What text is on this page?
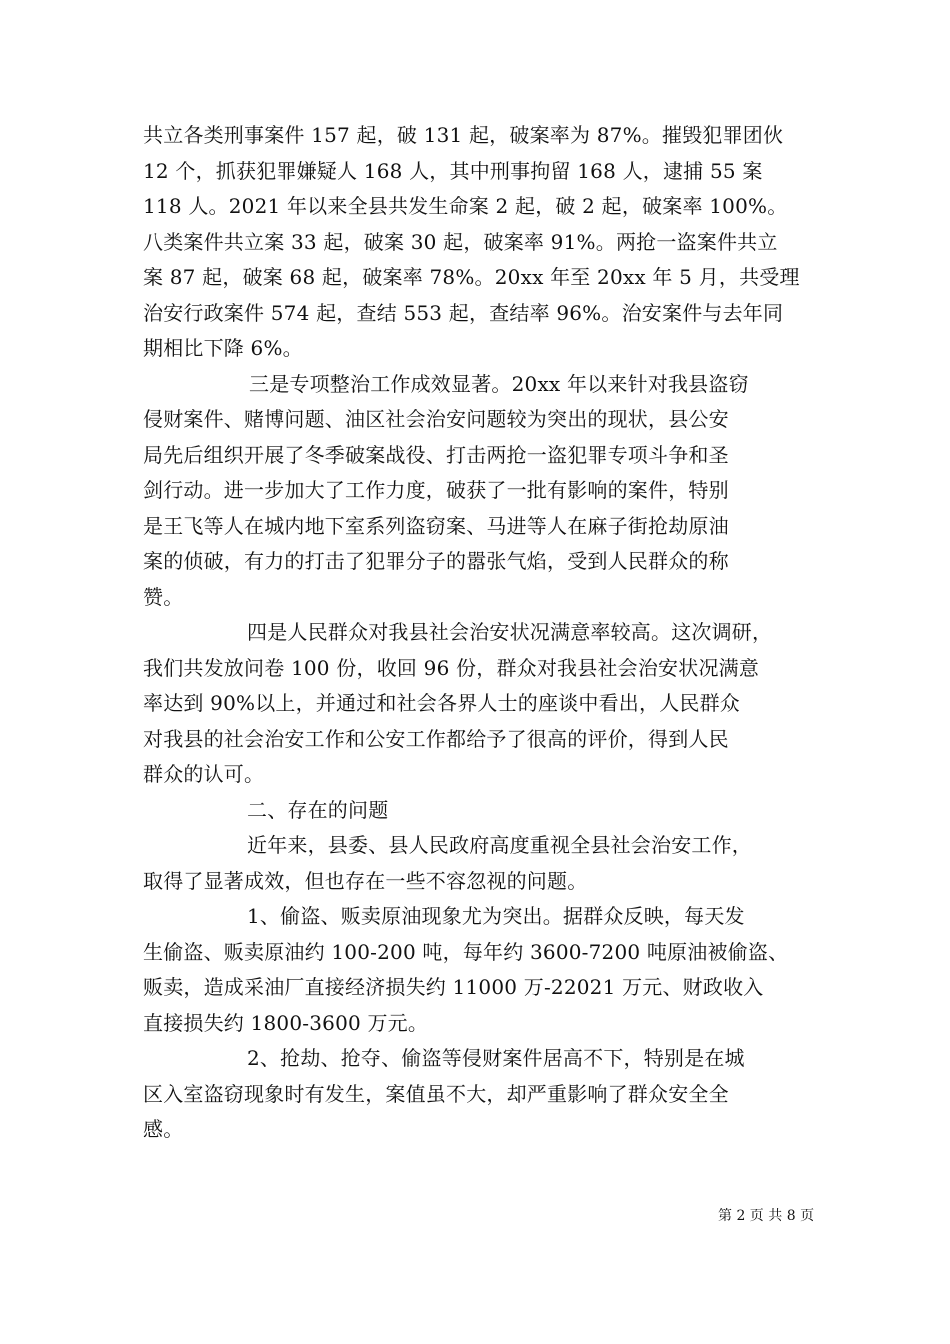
共立各类刑事案件 157 起，破 131 起，破案率为 87%。摧毁犯罪团伙
12 个，抓获犯罪嫌疑人 168 人，其中刑事拘留 168 人，逮捕 55 案
118 人。2021 年以来全县共发生命案 2 起，破 2 起，破案率 100%。
八类案件共立案 33 起，破案 30 起，破案率 91%。两抢一盗案件共立
案 87 起，破案 68 起，破案率 78%。20xx 年至 20xx 年 5 月，共受理
治安行政案件 574 起，查结 553 起，查结率 96%。治安案件与去年同
期相比下降 6%。
三是专项整治工作成效显著。20xx 年以来针对我县盗窃
侵财案件、赌博问题、油区社会治安问题较为突出的现状，县公安
局先后组织开展了冬季破案战役、打击两抢一盗犯罪专项斗争和圣
剑行动。进一步加大了工作力度，破获了一批有影响的案件，特别
是王飞等人在城内地下室系列盗窃案、马进等人在麻子街抢劫原油
案的侦破，有力的打击了犯罪分子的嚣张气焰，受到人民群众的称
赞。
四是人民群众对我县社会治安状况满意率较高。这次调研，
我们共发放问卷 100 份，收回 96 份，群众对我县社会治安状况满意
率达到 90%以上，并通过和社会各界人士的座谈中看出，人民群众
对我县的社会治安工作和公安工作都给予了很高的评价，得到人民
群众的认可。
二、存在的问题
近年来，县委、县人民政府高度重视全县社会治安工作，
取得了显著成效，但也存在一些不容忽视的问题。
1、偷盗、贩卖原油现象尤为突出。据群众反映，每天发
生偷盗、贩卖原油约 100-200 吨，每年约 3600-7200 吨原油被偷盗、
贩卖，造成采油厂直接经济损失约 11000 万-22021 万元、财政收入
直接损失约 1800-3600 万元。
2、抢劫、抢夺、偷盗等侵财案件居高不下，特别是在城
区入室盗窃现象时有发生，案值虽不大，却严重影响了群众安全全
感。
第 2 页 共 8 页
